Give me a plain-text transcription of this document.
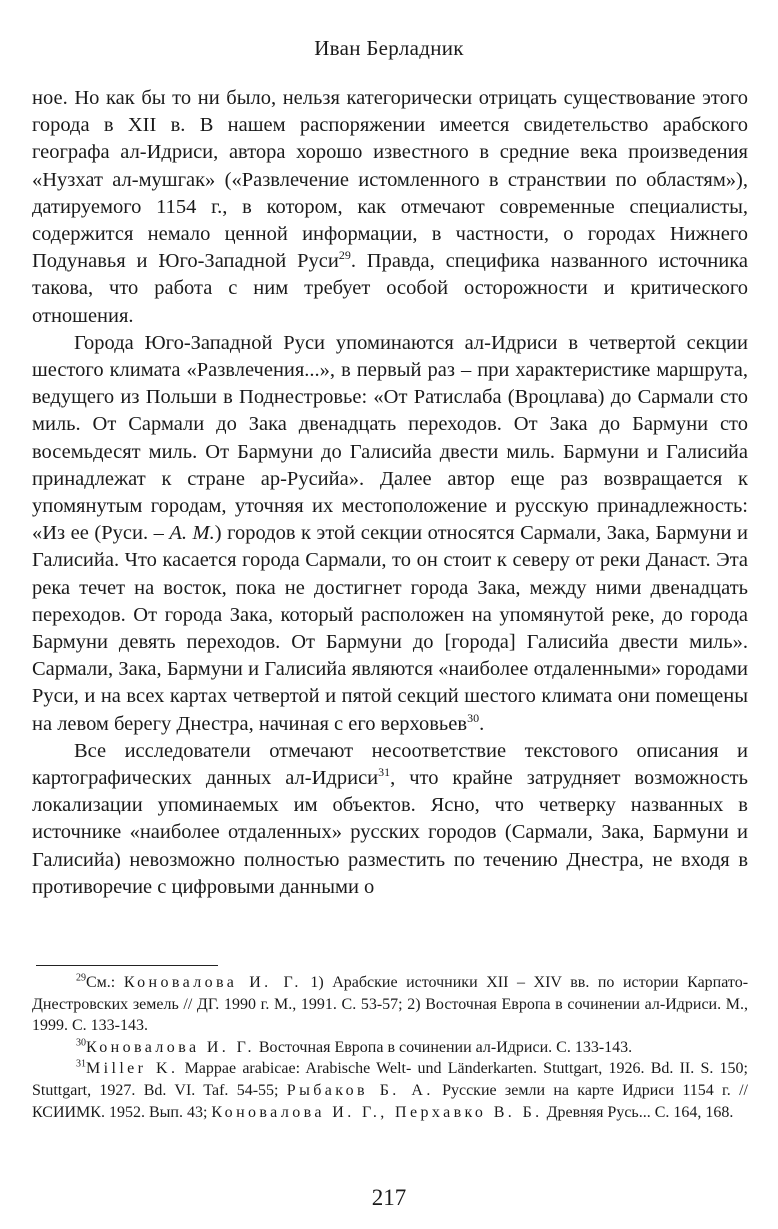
Иван Берладник

ное. Но как бы то ни было, нельзя категорически отрицать существование этого города в XII в. В нашем распоряжении имеется свидетельство арабского географа ал-Идриси, автора хорошо известного в средние века произведения «Нузхат ал-мушгак» («Развлечение истомленного в странствии по областям»), датируемого 1154 г., в котором, как отмечают современные специалисты, содержится немало ценной информации, в частности, о городах Нижнего Подунавья и Юго-Западной Руси$^{29}$. Правда, специфика названного источника такова, что работа с ним требует особой осторожности и критического отношения.

Города Юго-Западной Руси упоминаются ал-Идриси в четвертой секции шестого климата «Развлечения...», в первый раз – при характеристике маршрута, ведущего из Польши в Поднестровье: «От Ратислаба (Вроцлава) до Сармали сто миль. От Сармали до Зака двенадцать переходов. От Зака до Бармуни сто восемьдесят миль. От Бармуни до Галисийа двести миль. Бармуни и Галисийа принадлежат к стране ар-Русийа». Далее автор еще раз возвращается к упомянутым городам, уточняя их местоположение и русскую принадлежность: «Из ее (Руси. – А. М.) городов к этой секции относятся Сармали, Зака, Бармуни и Галисийа. Что касается города Сармали, то он стоит к северу от реки Данаст. Эта река течет на восток, пока не достигнет города Зака, между ними двенадцать переходов. От города Зака, который расположен на упомянутой реке, до города Бармуни девять переходов. От Бармуни до [города] Галисийа двести миль». Сармали, Зака, Бармуни и Галисийа являются «наиболее отдаленными» городами Руси, и на всех картах четвертой и пятой секций шестого климата они помещены на левом берегу Днестра, начиная с его верховьев$^{30}$.

Все исследователи отмечают несоответствие текстового описания и картографических данных ал-Идриси$^{31}$, что крайне затрудняет возможность локализации упоминаемых им объектов. Ясно, что четверку названных в источнике «наиболее отдаленных» русских городов (Сармали, Зака, Бармуни и Галисийа) невозможно полностью разместить по течению Днестра, не входя в противоречие с цифровыми данными о

$^{29}$См.: Коновалова И. Г. 1) Арабские источники XII – XIV вв. по истории Карпато-Днестровских земель // ДГ. 1990 г. М., 1991. С. 53-57; 2) Восточная Европа в сочинении ал-Идриси. М., 1999. С. 133-143.

$^{30}$Коновалова И. Г. Восточная Европа в сочинении ал-Идриси. С. 133-143.

$^{31}$Miller K. Mappae arabicae: Arabische Welt- und Länderkarten. Stuttgart, 1926. Bd. II. S. 150; Stuttgart, 1927. Bd. VI. Taf. 54-55; Рыбаков Б. А. Русские земли на карте Идриси 1154 г. // КСИИМК. 1952. Вып. 43; Коновалова И. Г., Перхавко В. Б. Древняя Русь... С. 164, 168.

217
